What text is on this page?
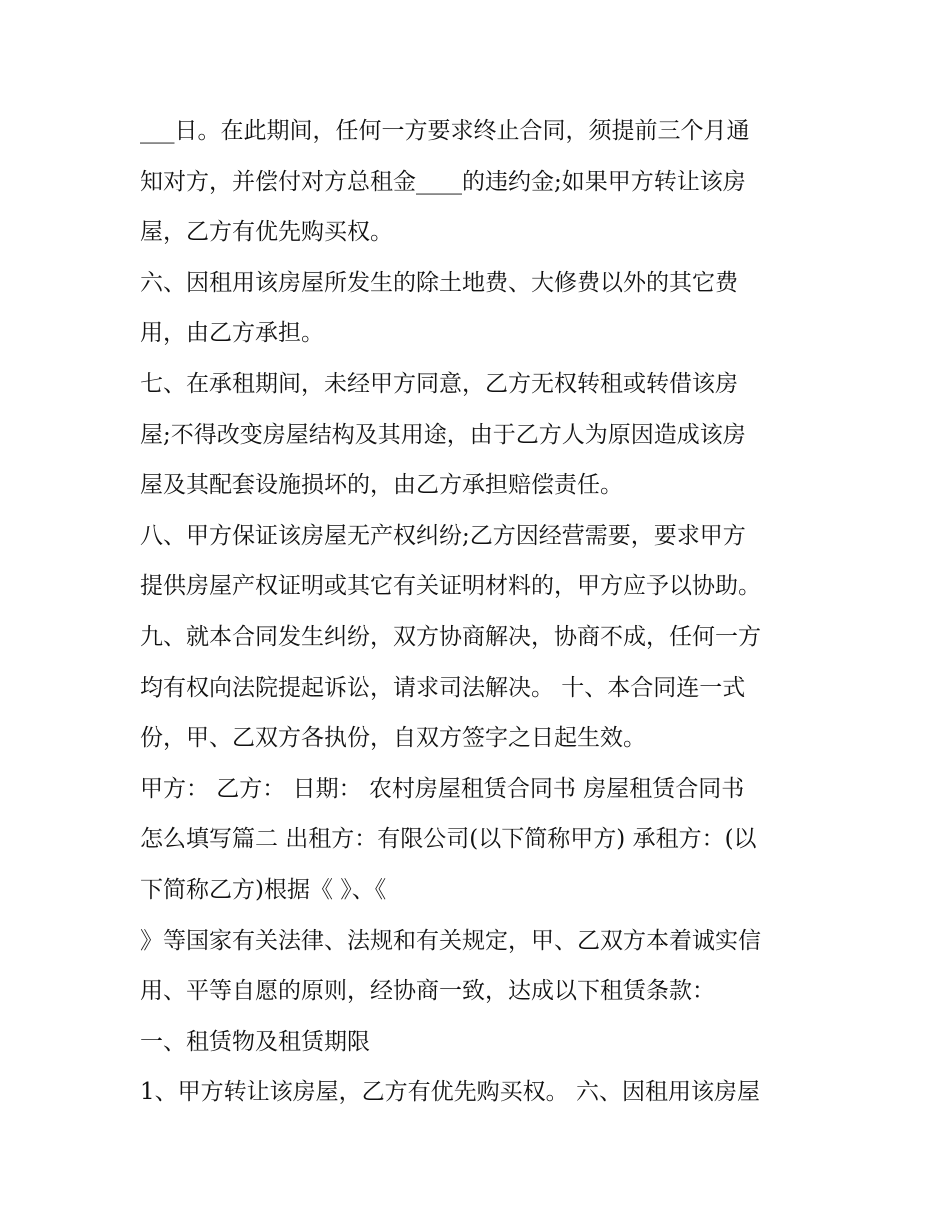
___日。在此期间，任何一方要求终止合同，须提前三个月通
知对方，并偿付对方总租金____的违约金;如果甲方转让该房
屋，乙方有优先购买权。
六、因租用该房屋所发生的除土地费、大修费以外的其它费
用，由乙方承担。
七、在承租期间，未经甲方同意，乙方无权转租或转借该房
屋;不得改变房屋结构及其用途，由于乙方人为原因造成该房
屋及其配套设施损坏的，由乙方承担赔偿责任。
八、甲方保证该房屋无产权纠纷;乙方因经营需要，要求甲方
提供房屋产权证明或其它有关证明材料的，甲方应予以协助。
九、就本合同发生纠纷，双方协商解决，协商不成，任何一方
均有权向法院提起诉讼，请求司法解决。 十、本合同连一式
份，甲、乙双方各执份，自双方签字之日起生效。
甲方： 乙方： 日期： 农村房屋租赁合同书 房屋租赁合同书
怎么填写篇二 出租方：有限公司(以下简称甲方) 承租方：(以
下简称乙方)根据《 》、《
》等国家有关法律、法规和有关规定，甲、乙双方本着诚实信
用、平等自愿的原则，经协商一致，达成以下租赁条款：
一、租赁物及租赁期限
1、甲方转让该房屋，乙方有优先购买权。 六、因租用该房屋
